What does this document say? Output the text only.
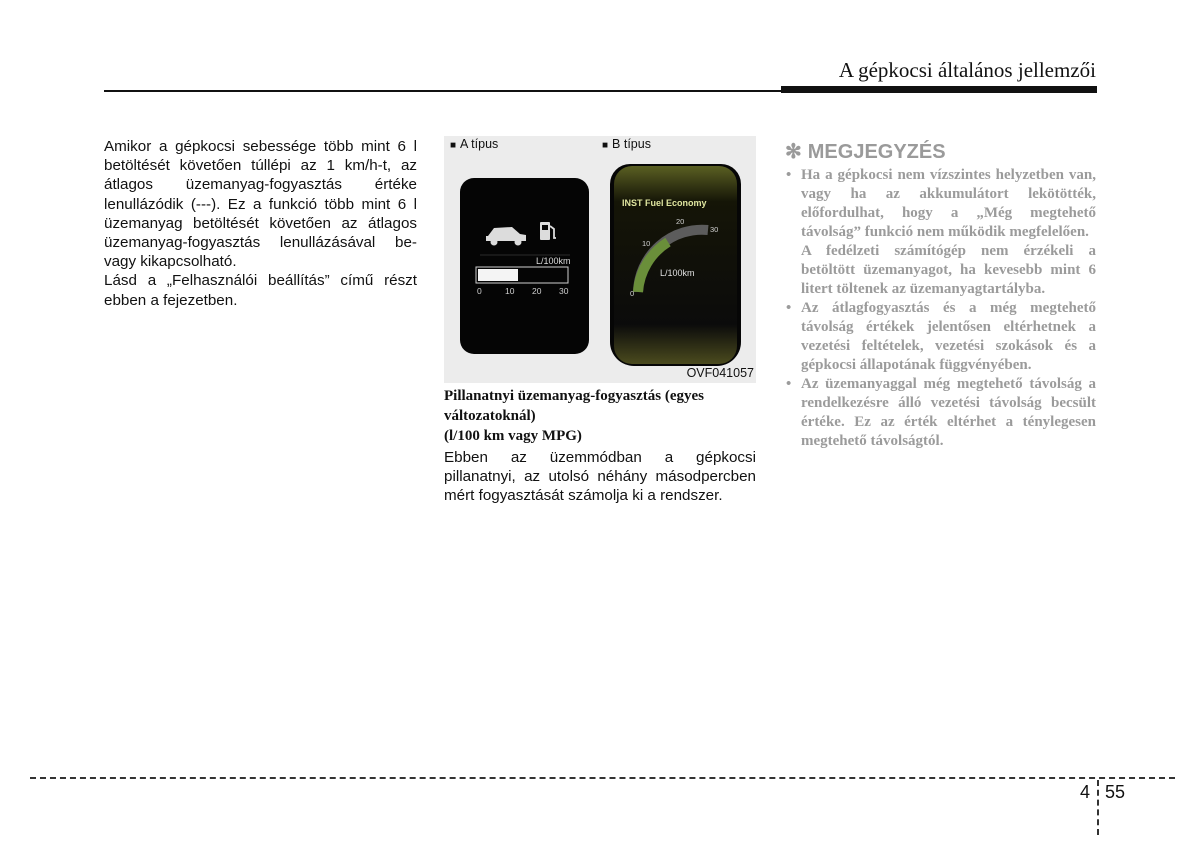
A gépkocsi általános jellemzői

Amikor a gépkocsi sebessége több mint 6 l betöltését követően túllépi az 1 km/h-t, az átlagos üzemanyag-fogyasztás értéke lenullázódik (---). Ez a funkció több mint 6 l üzemanyag betöltését követően az átlagos üzemanyag-fogyasztás lenullázásával be- vagy kikapcsolható.

Lásd a „Felhasználói beállítás” című részt ebben a fejezetben.

■ A típus	■ B típus
L/100km
0	10 20 30
INST Fuel Economy
0
10
20
30
L/100km
OVF041057
Pillanatnyi üzemanyag-fogyasztás (egyes változatoknál)
(l/100 km vagy MPG)
Ebben az üzemmódban a gépkocsi pillanatnyi, az utolsó néhány másodpercben mért fogyasztását számolja ki a rendszer.
✻ MEGJEGYZÉS
• Ha a gépkocsi nem vízszintes helyzetben van, vagy ha az akkumulátort lekötötték, előfordulhat, hogy a „Még megtehető távolság” funkció nem működik megfelelően.
A fedélzeti számítógép nem érzékeli a betöltött üzemanyagot, ha kevesebb mint 6 litert töltenek az üzemanyagtartályba.
• Az átlagfogyasztás és a még megtehető távolság értékek jelentősen eltérhetnek a vezetési feltételek, vezetési szokások és a gépkocsi állapotának függvényében.
• Az üzemanyaggal még megtehető távolság a rendelkezésre álló vezetési távolság becsült értéke. Ez az érték eltérhet a ténylegesen megtehető távolságtól.
4 55
